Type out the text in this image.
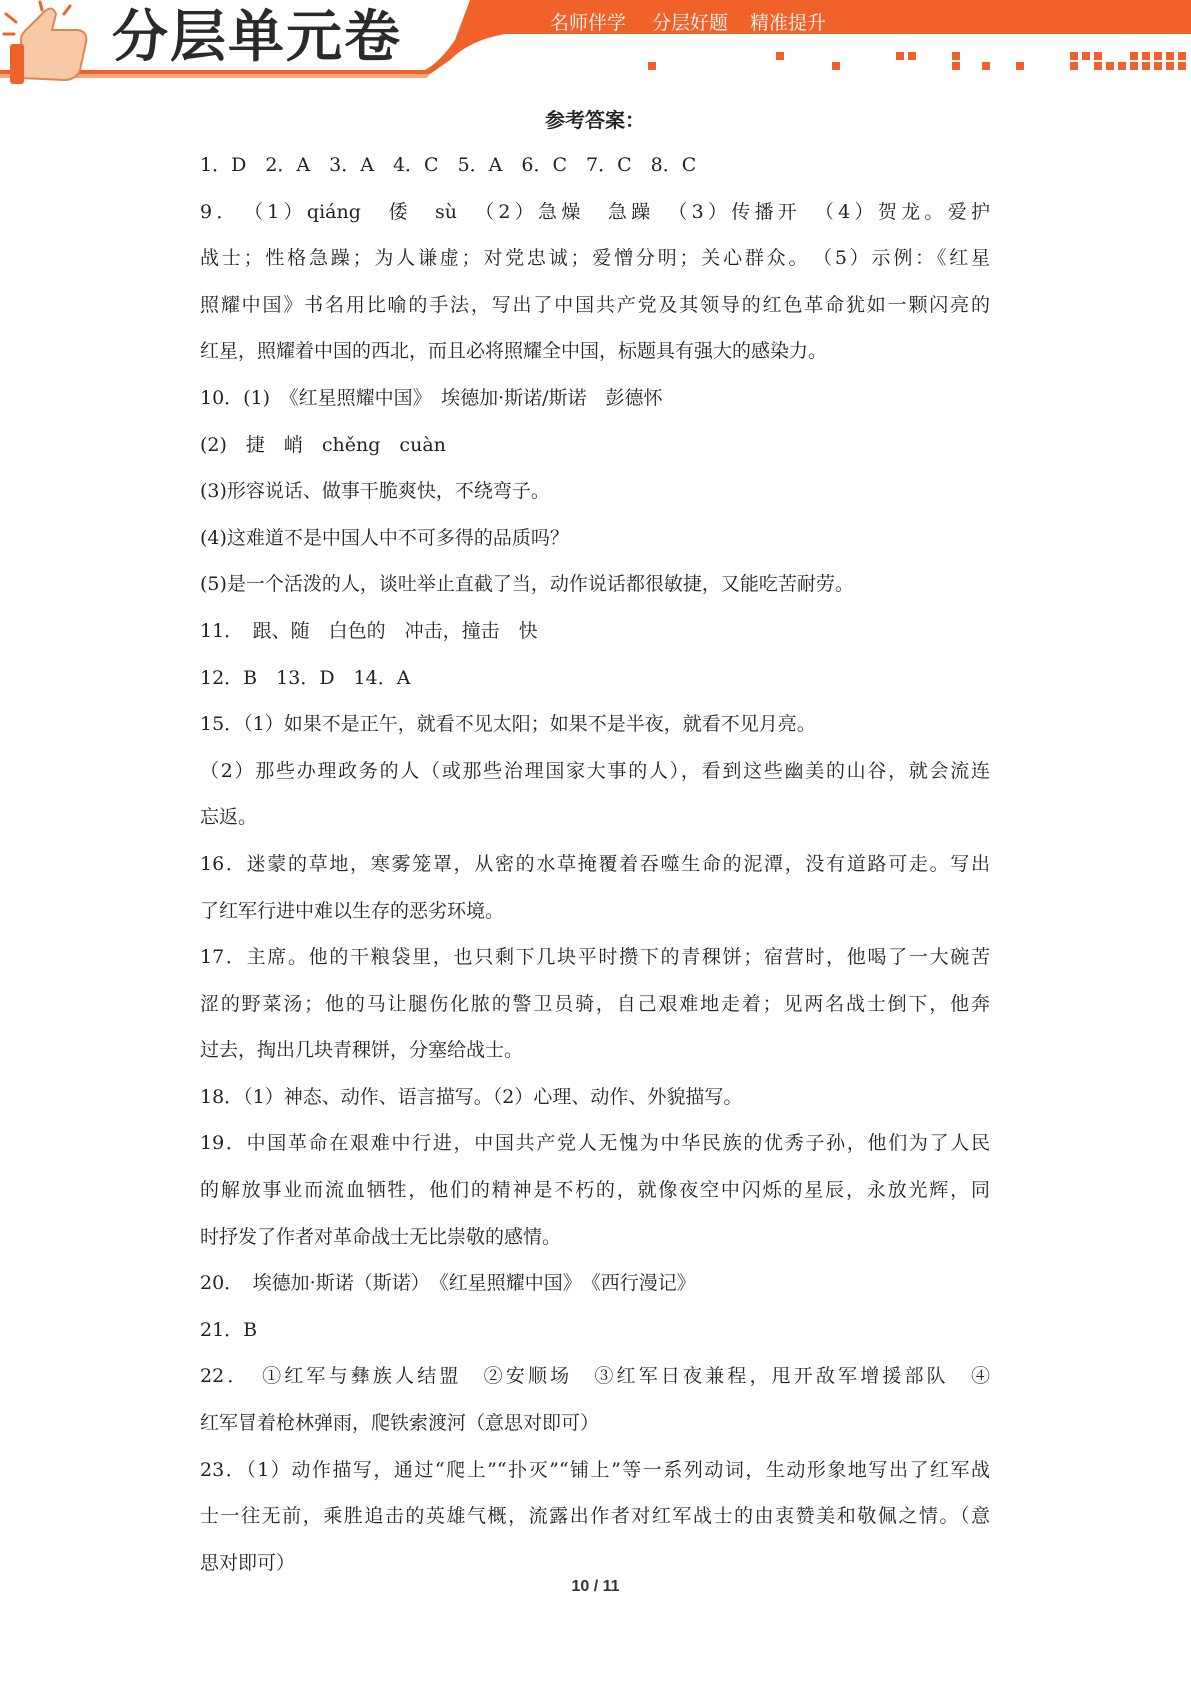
分层单元卷	名师伴学 分层好题 精准提升
参考答案：
1．D　2．A　3．A　4．C　5．A　6．C　7．C　8．C
9．　（1）qiáng　倭　sù　（2）急燥　急躁　（3）传播开　（4）贺龙。爱护
战士；性格急躁；为人谦虚；对党忠诚；爱憎分明；关心群众。　（5）示例：《红星
照耀中国》书名用比喻的手法，写出了中国共产党及其领导的红色革命犹如一颗闪亮的
红星，照耀着中国的西北，而且必将照耀全中国，标题具有强大的感染力。
10．(1)　《红星照耀中国》　埃德加·斯诺/斯诺　彭德怀
(2)　捷　峭　chěng　cuàn
(3)形容说话、做事干脆爽快，不绕弯子。
(4)这难道不是中国人中不可多得的品质吗？
(5)是一个活泼的人，谈吐举止直截了当，动作说话都很敏捷，又能吃苦耐劳。
11．　跟、随　白色的　冲击，撞击　快
12．B　13．D　14．A
15．（1）如果不是正午，就看不见太阳；如果不是半夜，就看不见月亮。
（2）那些办理政务的人（或那些治理国家大事的人），看到这些幽美的山谷，就会流连
忘返。
16．迷蒙的草地，寒雾笼罩，从密的水草掩覆着吞噬生命的泥潭，没有道路可走。写出
了红军行进中难以生存的恶劣环境。
17．主席。他的干粮袋里，也只剩下几块平时攒下的青稞饼；宿营时，他喝了一大碗苦
涩的野菜汤；他的马让腿伤化脓的警卫员骑，自己艰难地走着；见两名战士倒下，他奔
过去，掏出几块青稞饼，分塞给战士。
18．（1）神态、动作、语言描写。（2）心理、动作、外貌描写。
19．中国革命在艰难中行进，中国共产党人无愧为中华民族的优秀子孙，他们为了人民
的解放事业而流血牺牲，他们的精神是不朽的，就像夜空中闪烁的星辰，永放光辉，同
时抒发了作者对革命战士无比崇敬的感情。
20．　埃德加·斯诺（斯诺）　《红星照耀中国》　《西行漫记》
21．B
22．　①红军与彝族人结盟　②安顺场　③红军日夜兼程，甩开敌军增援部队　④
红军冒着枪林弹雨，爬铁索渡河（意思对即可）
23．（1）动作描写，通过“爬上”“扑灭”“铺上”等一系列动词，生动形象地写出了红军战
士一往无前，乘胜追击的英雄气概，流露出作者对红军战士的由衷赞美和敬佩之情。（意
思对即可）
10 / 11
